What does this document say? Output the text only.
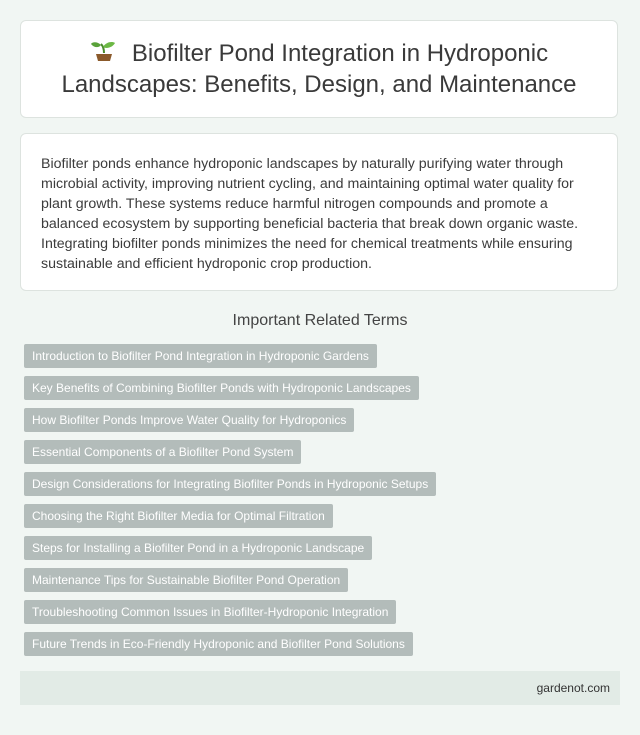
Biofilter Pond Integration in Hydroponic Landscapes: Benefits, Design, and Maintenance

Biofilter ponds enhance hydroponic landscapes by naturally purifying water through microbial activity, improving nutrient cycling, and maintaining optimal water quality for plant growth. These systems reduce harmful nitrogen compounds and promote a balanced ecosystem by supporting beneficial bacteria that break down organic waste. Integrating biofilter ponds minimizes the need for chemical treatments while ensuring sustainable and efficient hydroponic crop production.

Important Related Terms
Introduction to Biofilter Pond Integration in Hydroponic Gardens
Key Benefits of Combining Biofilter Ponds with Hydroponic Landscapes
How Biofilter Ponds Improve Water Quality for Hydroponics
Essential Components of a Biofilter Pond System
Design Considerations for Integrating Biofilter Ponds in Hydroponic Setups
Choosing the Right Biofilter Media for Optimal Filtration
Steps for Installing a Biofilter Pond in a Hydroponic Landscape
Maintenance Tips for Sustainable Biofilter Pond Operation
Troubleshooting Common Issues in Biofilter-Hydroponic Integration
Future Trends in Eco-Friendly Hydroponic and Biofilter Pond Solutions
gardenot.com
